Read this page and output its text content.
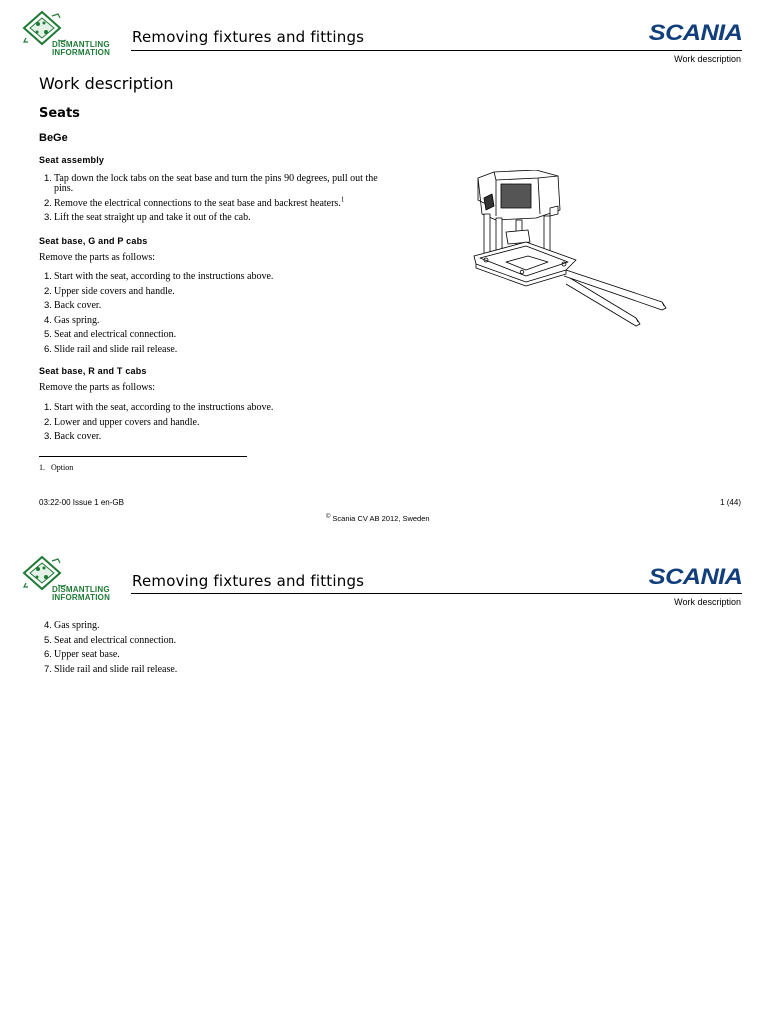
DISMANTLING
INFORMATION
Removing fixtures and fittings	SCANIA
Work description
Work description
Seats
BeGe
Seat assembly
1. Tap down the lock tabs on the seat base and turn the pins 90 degrees, pull out the pins.
2. Remove the electrical connections to the seat base and backrest heaters.$^1$
3. Lift the seat straight up and take it out of the cab.
Seat base, G and P cabs
Remove the parts as follows:
1. Start with the seat, according to the instructions above.
2. Upper side covers and handle.
3. Back cover.
4. Gas spring.
5. Seat and electrical connection.
6. Slide rail and slide rail release.
Seat base, R and T cabs
Remove the parts as follows:
1. Start with the seat, according to the instructions above.
2. Lower and upper covers and handle.
3. Back cover.
1. Option
03:22-00 Issue 1 en-GB	1 (44)
© Scania CV AB 2012, Sweden
DISMANTLING
INFORMATION
Removing fixtures and fittings	SCANIA
Work description
4. Gas spring.
5. Seat and electrical connection.
6. Upper seat base.
7. Slide rail and slide rail release.
